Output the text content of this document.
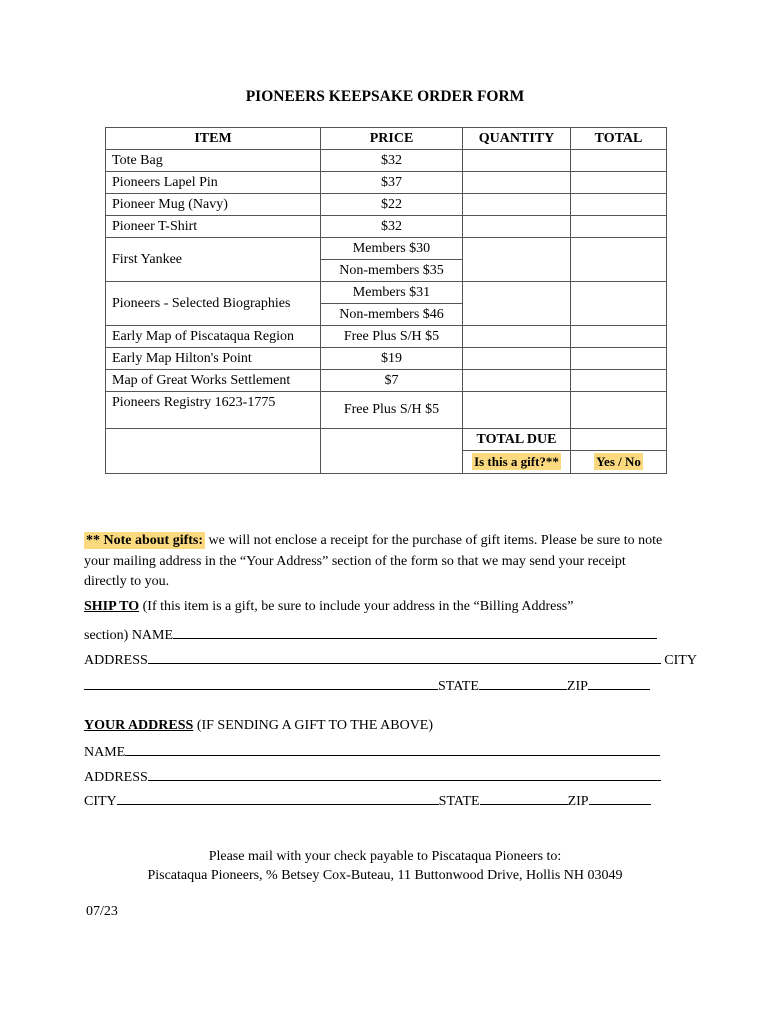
PIONEERS KEEPSAKE ORDER FORM
ITEM	PRICE	QUANTITY	TOTAL
Tote Bag	$32		
Pioneers Lapel Pin	$37		
Pioneer Mug (Navy)	$22		
Pioneer T-Shirt	$32		
First Yankee	Members $30		
	Non-members $35		
Pioneers - Selected Biographies	Members $31		
	Non-members $46		
Early Map of Piscataqua Region	Free Plus S/H $5		
Early Map Hilton's Point	$19		
Map of Great Works Settlement	$7		
Pioneers Registry 1623-1775	Free Plus S/H $5		
		TOTAL DUE	
		Is this a gift?**	Yes / No
** Note about gifts: we will not enclose a receipt for the purchase of gift items. Please be sure to note your mailing address in the “Your Address” section of the form so that we may send your receipt directly to you.
SHIP TO (If this item is a gift, be sure to include your address in the “Billing Address”
section) NAME
ADDRESS	CITY
STATE	ZIP
YOUR ADDRESS (IF SENDING A GIFT TO THE ABOVE)
NAME
ADDRESS
CITY	STATE	ZIP
Please mail with your check payable to Piscataqua Pioneers to:
Piscataqua Pioneers, % Betsey Cox-Buteau, 11 Buttonwood Drive, Hollis NH 03049
07/23
